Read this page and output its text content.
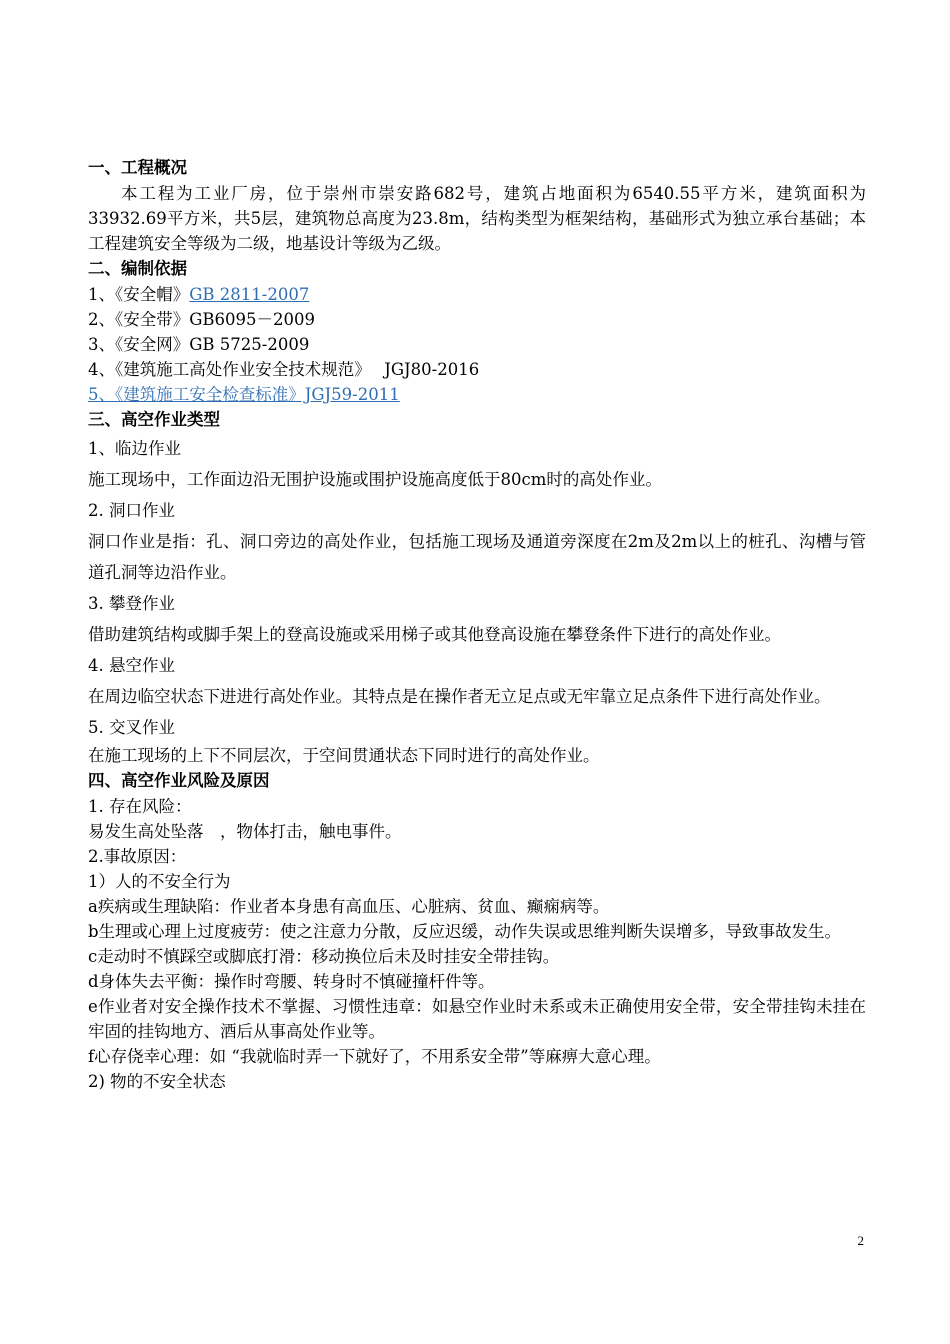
一、工程概况

本工程为工业厂房，位于崇州市崇安路682号，建筑占地面积为6540.55平方米，建筑面积为33932.69平方米，共5层，建筑物总高度为23.8m，结构类型为框架结构，基础形式为独立承台基础；本工程建筑安全等级为二级，地基设计等级为乙级。

二、编制依据

1、《安全帽》GB 2811-2007

2、《安全带》GB6095－2009

3、《安全网》GB 5725-2009

4、《建筑施工高处作业安全技术规范》　 JGJ80-2016

5、《建筑施工安全检查标准》JGJ59-2011

三、高空作业类型

1、临边作业

施工现场中，工作面边沿无围护设施或围护设施高度低于80cm时的高处作业。

2. 洞口作业

洞口作业是指：孔、洞口旁边的高处作业，包括施工现场及通道旁深度在2m及2m以上的桩孔、沟槽与管道孔洞等边沿作业。

3. 攀登作业

借助建筑结构或脚手架上的登高设施或采用梯子或其他登高设施在攀登条件下进行的高处作业。

4. 悬空作业

在周边临空状态下进进行高处作业。其特点是在操作者无立足点或无牢靠立足点条件下进行高处作业。

5. 交叉作业

在施工现场的上下不同层次，于空间贯通状态下同时进行的高处作业。

四、高空作业风险及原因

1. 存在风险：

易发生高处坠落　，物体打击，触电事件。

2.事故原因：

1）人的不安全行为

a疾病或生理缺陷：作业者本身患有高血压、心脏病、贫血、癫痫病等。

b生理或心理上过度疲劳：使之注意力分散，反应迟缓，动作失误或思维判断失误增多，导致事故发生。

c走动时不慎踩空或脚底打滑：移动换位后未及时挂安全带挂钩。

d身体失去平衡：操作时弯腰、转身时不慎碰撞杆件等。

e作业者对安全操作技术不掌握、习惯性违章：如悬空作业时未系或未正确使用安全带，安全带挂钩未挂在牢固的挂钩地方、酒后从事高处作业等。

f心存侥幸心理：如 “我就临时弄一下就好了，不用系安全带”等麻痹大意心理。

2) 物的不安全状态

2
